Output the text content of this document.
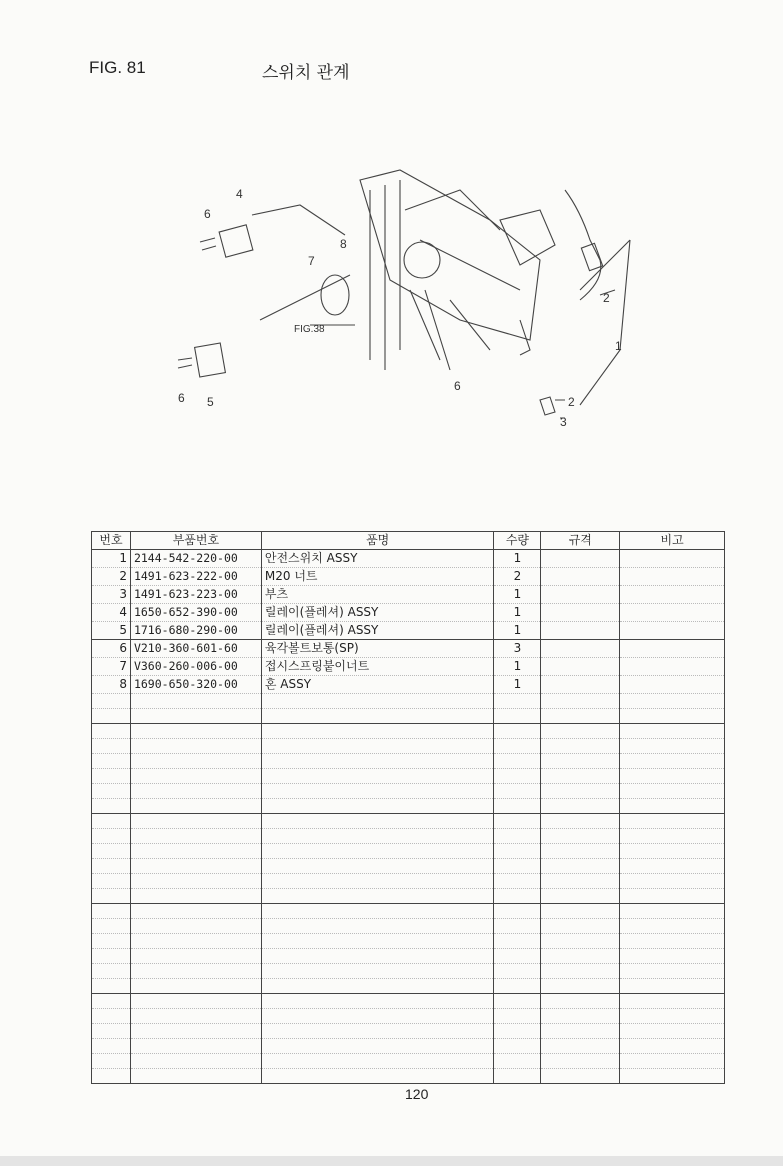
FIG. 81	스위치 관계
4
6
7
8
FIG.38
6 5
6
2
1
2
3
번호	부품번호	품명	수량	규격	비고
1	2144-542-220-00	안전스위치 ASSY	1		
2	1491-623-222-00	M20 너트	2		
3	1491-623-223-00	부츠	1		
4	1650-652-390-00	릴레이(플레셔) ASSY	1		
5	1716-680-290-00	릴레이(플레셔) ASSY	1		
6	V210-360-601-60	육각볼트보통(SP)	3		
7	V360-260-006-00	접시스프링붙이너트	1		
8	1690-650-320-00	혼 ASSY	1		

120
